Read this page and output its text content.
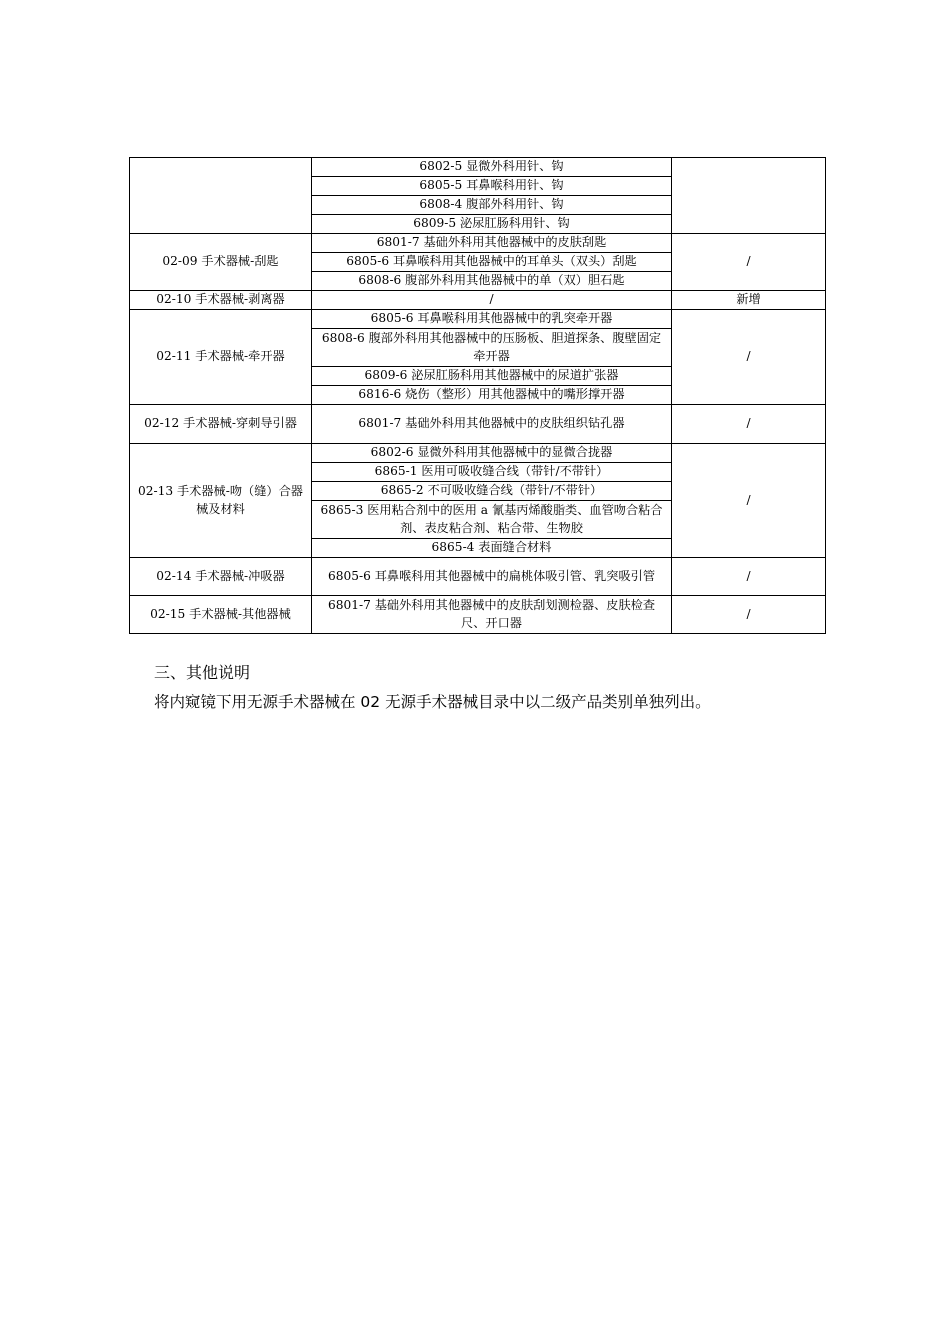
	6802-5 显微外科用针、钩	
	6805-5 耳鼻喉科用针、钩	
	6808-4 腹部外科用针、钩	
	6809-5 泌尿肛肠科用针、钩	
02-09 手术器械-刮匙	6801-7 基础外科用其他器械中的皮肤刮匙	/
	6805-6 耳鼻喉科用其他器械中的耳单头（双头）刮匙	
	6808-6 腹部外科用其他器械中的单（双）胆石匙	
02-10 手术器械-剥离器	/	新增
02-11 手术器械-牵开器	6805-6 耳鼻喉科用其他器械中的乳突牵开器	/
	6808-6 腹部外科用其他器械中的压肠板、胆道探条、腹壁固定牵开器	
	6809-6 泌尿肛肠科用其他器械中的尿道扩张器	
	6816-6 烧伤（整形）用其他器械中的嘴形撑开器	
02-12 手术器械-穿刺导引器	6801-7 基础外科用其他器械中的皮肤组织钻孔器	/
02-13 手术器械-吻（缝）合器械及材料	6802-6 显微外科用其他器械中的显微合拢器	/
	6865-1 医用可吸收缝合线（带针/不带针）	
	6865-2 不可吸收缝合线（带针/不带针）	
	6865-3 医用粘合剂中的医用 a 氰基丙烯酸脂类、血管吻合粘合剂、表皮粘合剂、粘合带、生物胶	
	6865-4 表面缝合材料	
02-14 手术器械-冲吸器	6805-6 耳鼻喉科用其他器械中的扁桃体吸引管、乳突吸引管	/
02-15 手术器械-其他器械	6801-7 基础外科用其他器械中的皮肤刮划测检器、皮肤检查尺、开口器	/

三、其他说明

将内窥镜下用无源手术器械在 02 无源手术器械目录中以二级产品类别单独列出。
